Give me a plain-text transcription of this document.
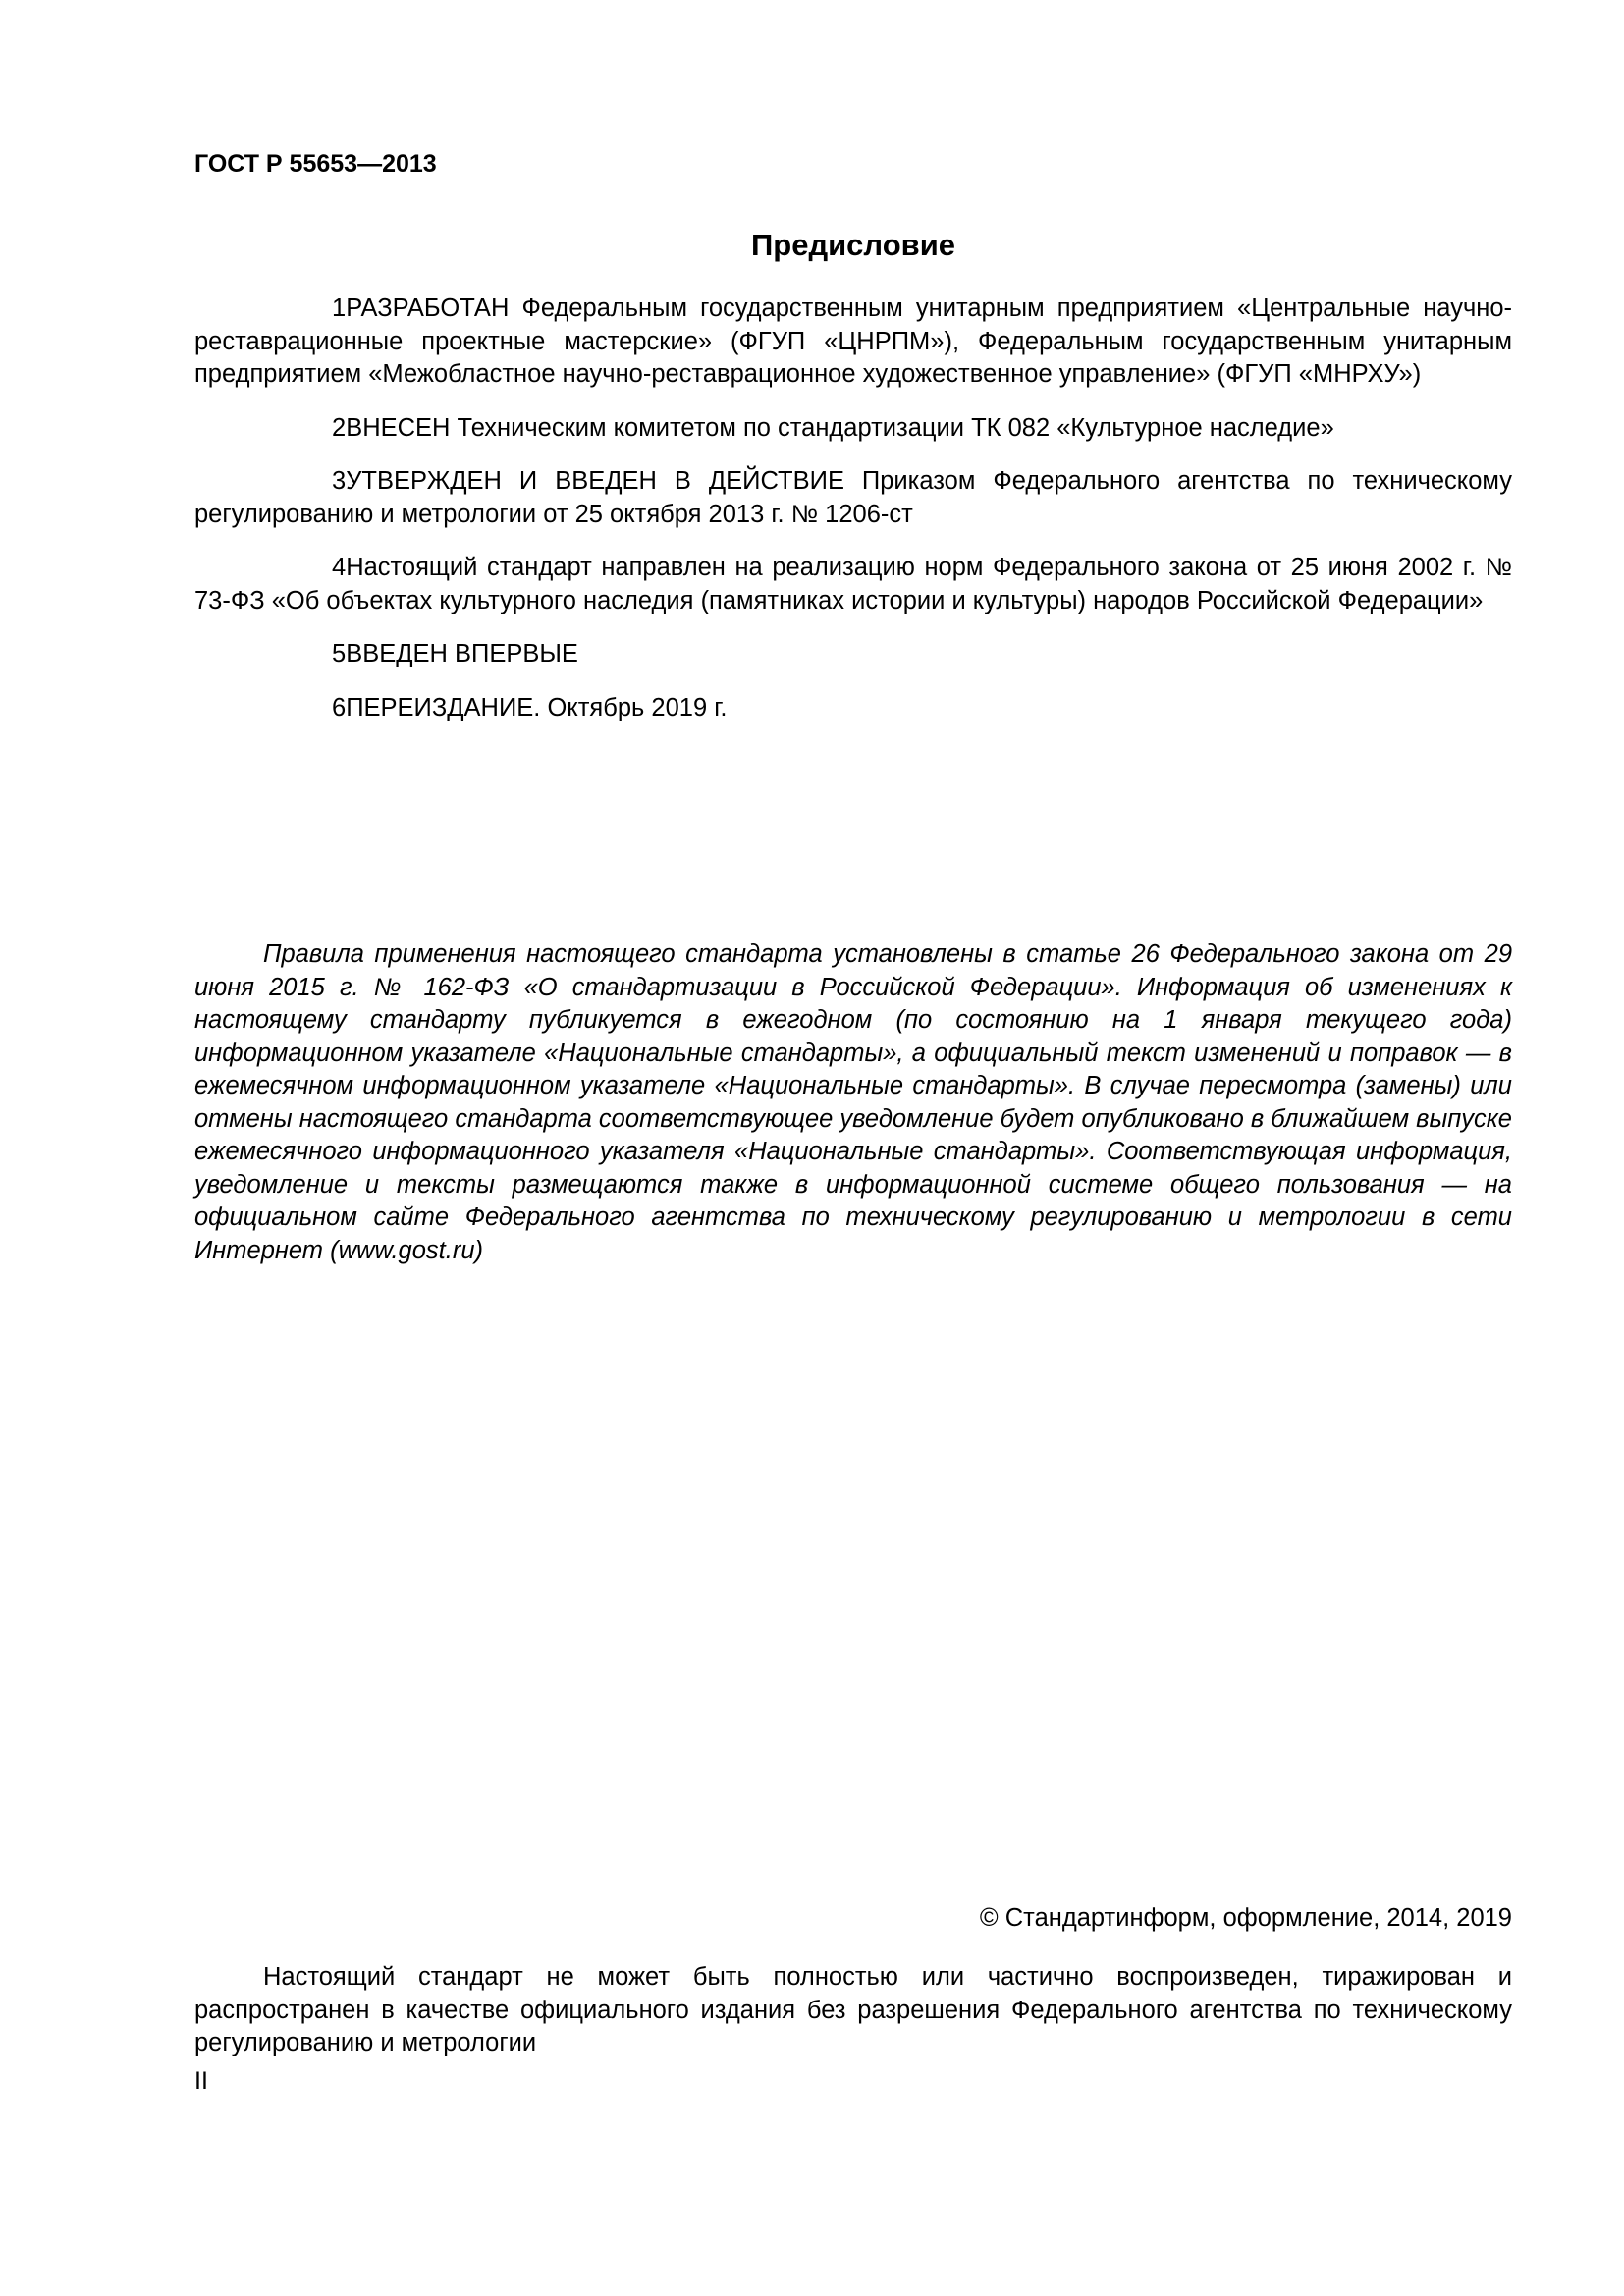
ГОСТ Р 55653—2013
Предисловие

1РАЗРАБОТАН Федеральным государственным унитарным предприятием «Центральные научно-реставрационные проектные мастерские» (ФГУП «ЦНРПМ»), Федеральным государственным унитарным предприятием «Межобластное научно-реставрационное художественное управление» (ФГУП «МНРХУ»)

2ВНЕСЕН Техническим комитетом по стандартизации ТК 082 «Культурное наследие»

3УТВЕРЖДЕН И ВВЕДЕН В ДЕЙСТВИЕ Приказом Федерального агентства по техническому регулированию и метрологии от 25 октября 2013 г. № 1206-ст

4Настоящий стандарт направлен на реализацию норм Федерального закона от 25 июня 2002 г. № 73-ФЗ «Об объектах культурного наследия (памятниках истории и культуры) народов Российской Федерации»

5ВВЕДЕН ВПЕРВЫЕ

6ПЕРЕИЗДАНИЕ. Октябрь 2019 г.

Правила применения настоящего стандарта установлены в статье 26 Федерального закона от 29 июня 2015 г. № 162-ФЗ «О стандартизации в Российской Федерации». Информация об изменениях к настоящему стандарту публикуется в ежегодном (по состоянию на 1 января текущего года) информационном указателе «Национальные стандарты», а официальный текст изменений и поправок — в ежемесячном информационном указателе «Национальные стандарты». В случае пересмотра (замены) или отмены настоящего стандарта соответствующее уведомление будет опубликовано в ближайшем выпуске ежемесячного информационного указателя «Национальные стандарты». Соответствующая информация, уведомление и тексты размещаются также в информационной системе общего пользования — на официальном сайте Федерального агентства по техническому регулированию и метрологии в сети Интернет (www.gost.ru)

© Стандартинформ, оформление, 2014, 2019

Настоящий стандарт не может быть полностью или частично воспроизведен, тиражирован и распространен в качестве официального издания без разрешения Федерального агентства по техническому регулированию и метрологии

II
